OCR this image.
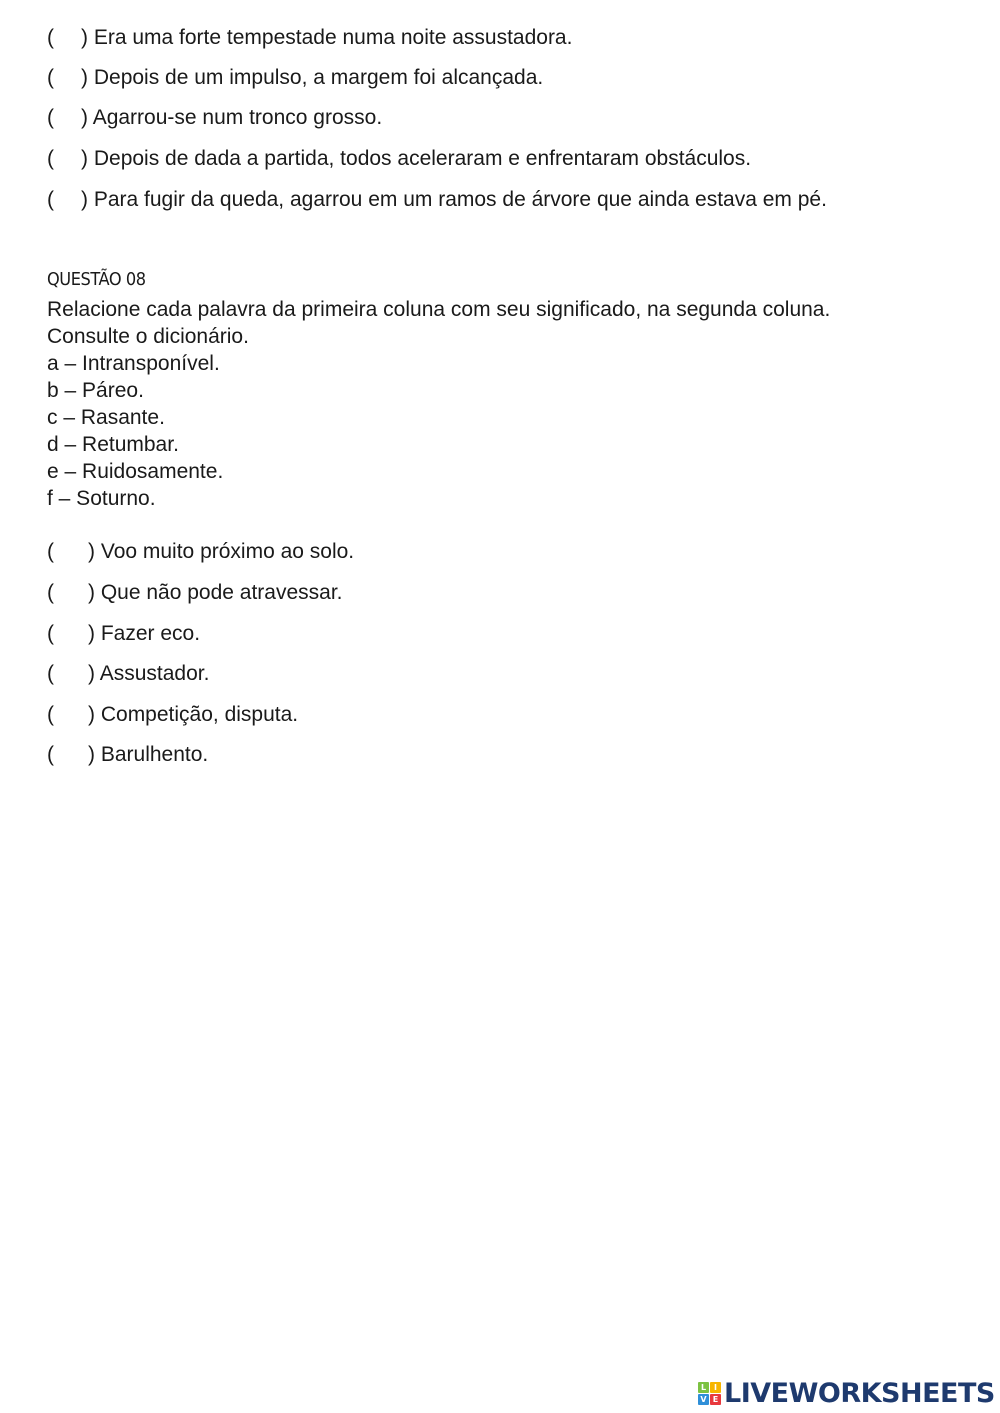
( ) Era uma forte tempestade numa noite assustadora.
( ) Depois de um impulso, a margem foi alcançada.
( ) Agarrou-se num tronco grosso.
( ) Depois de dada a partida, todos aceleraram e enfrentaram obstáculos.
( ) Para fugir da queda, agarrou em um ramos de árvore que ainda estava em pé.
QUESTÃO 08
Relacione cada palavra da primeira coluna com seu significado, na segunda coluna.
Consulte o dicionário.
a – Intransponível.
b – Páreo.
c – Rasante.
d – Retumbar.
e – Ruidosamente.
f – Soturno.
( ) Voo muito próximo ao solo.
( ) Que não pode atravessar.
( ) Fazer eco.
( ) Assustador.
( ) Competição, disputa.
( ) Barulhento.
L I
V E LIVEWORKSHEETS
